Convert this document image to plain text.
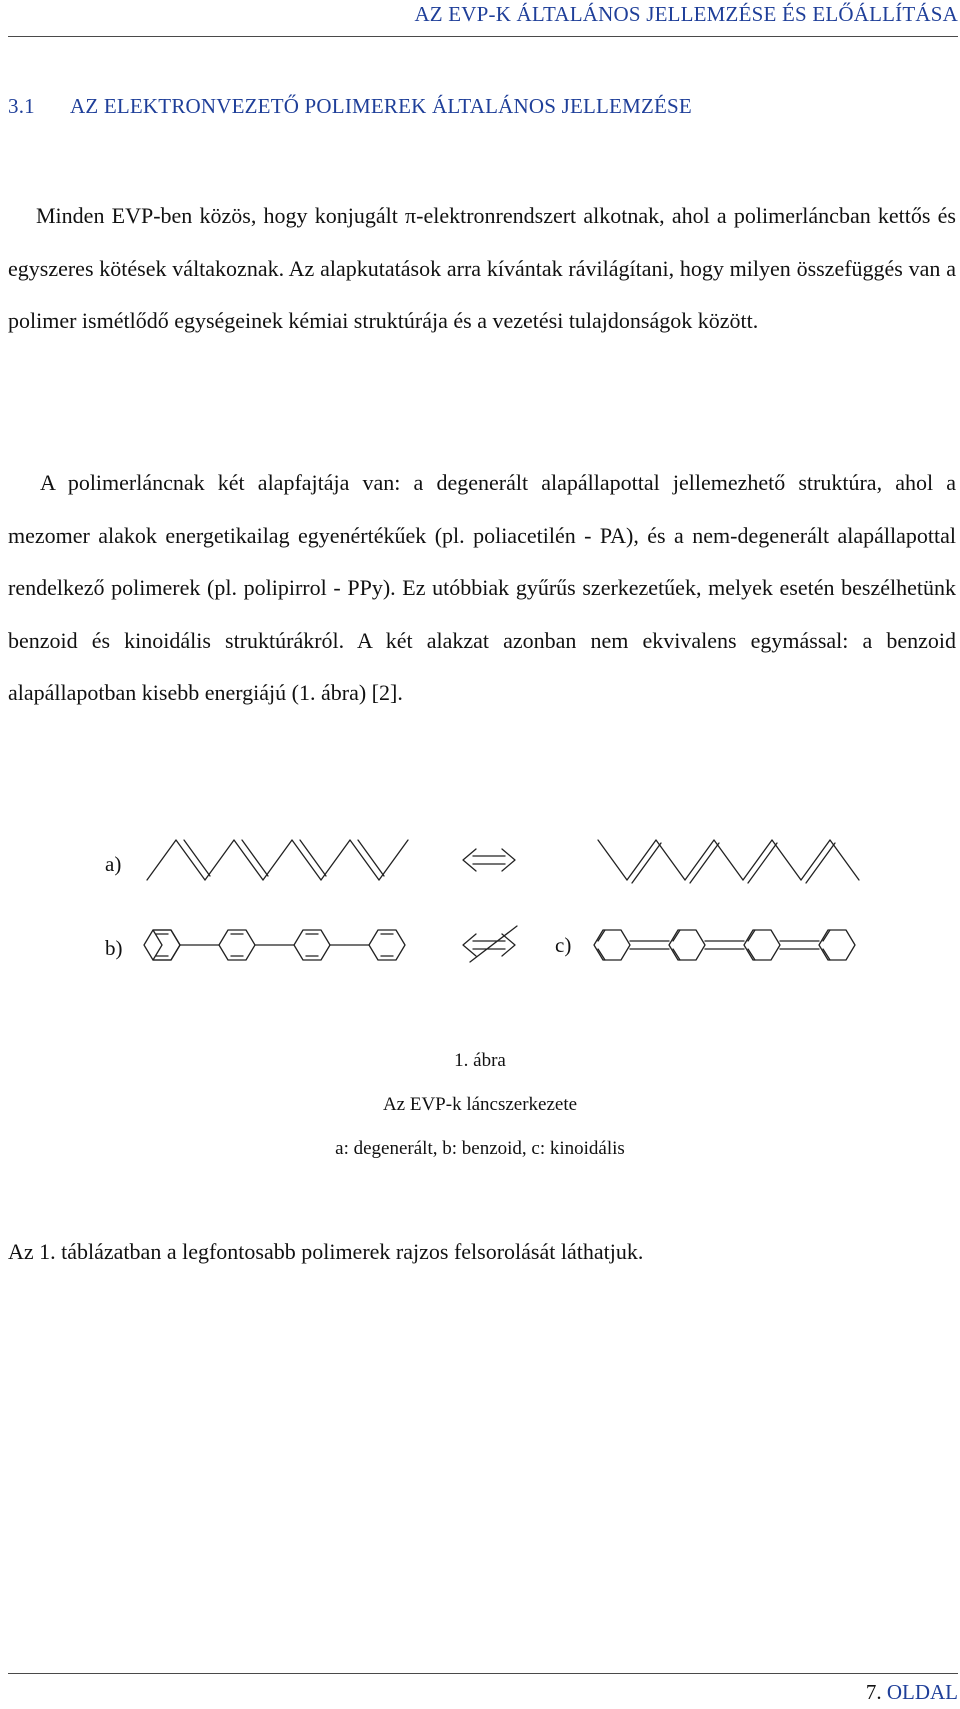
AZ EVP-K ÁLTALÁNOS JELLEMZÉSE ÉS ELŐÁLLÍTÁSA
3.1 AZ ELEKTRONVEZETŐ POLIMEREK ÁLTALÁNOS JELLEMZÉSE

Minden EVP-ben közös, hogy konjugált π-elektronrendszert alkotnak, ahol a polimerláncban kettős és egyszeres kötések váltakoznak. Az alapkutatások arra kívántak rávilágítani, hogy milyen összefüggés van a polimer ismétlődő egységeinek kémiai struktúrája és a vezetési tulajdonságok között.

A polimerláncnak két alapfajtája van: a degenerált alapállapottal jellemezhető struktúra, ahol a mezomer alakok energetikailag egyenértékűek (pl. poliacetilén - PA), és a nem-degenerált alapállapottal rendelkező polimerek (pl. polipirrol - PPy). Ez utóbbiak gyűrűs szerkezetűek, melyek esetén beszélhetünk benzoid és kinoidális struktúrákról. A két alakzat azonban nem ekvivalens egymással: a benzoid alapállapotban kisebb energiájú (1. ábra) [2].

a)
b)	c)
1. ábra
Az EVP-k láncszerkezete
a: degenerált, b: benzoid, c: kinoidális

Az 1. táblázatban a legfontosabb polimerek rajzos felsorolását láthatjuk.

7. OLDAL
